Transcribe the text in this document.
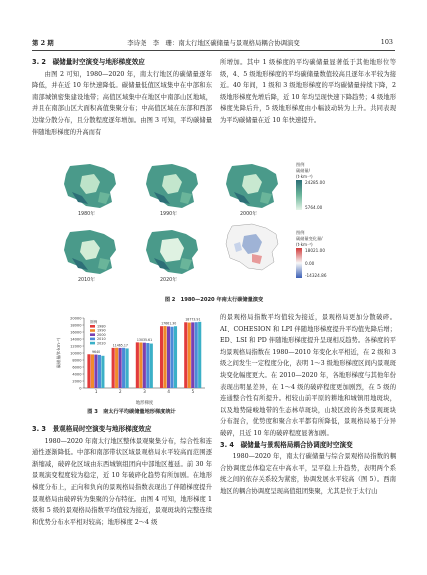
第 2 期	李诗尧　李　珊：南太行地区碳储量与景观格局耦合协调演变	103
3. 2　碳储量时空演变与地形梯度效应

由图 2 可知，1980—2020 年，南太行地区的碳储量逐年降低，并在近 10 年快速降低。碳储量低值区域集中在中部和东南部城镇密集建设地带；高值区域集中在地区中南部山区地域，并且在南部山区大面积高值集聚分布；中高值区域在东部和西部边缘分散分布，且分散程度逐年增加。由图 3 可知，平均碳储量伴随地形梯度的升高而有

所增加。其中 1 级梯度的平均碳储量显著低于其他地形位等级，4、5 级地形梯度的平均碳储量数值较高且逐年水平较为接近。40 年间，1 级和 3 级地形梯度的平均碳储量持续下降，2 级地形梯度先增后降，近 10 年均呈现快速下降趋势；4 级地形梯度先降后升，5 级地形梯度由小幅波动转为上升。共同表现为平均碳储量在近 10 年快速提升。

1980年	1990年	2000年
图例
碳储量/
(t·km⁻²)
24285.00
5764.00
2010年	2020年
图例
碳储量变化量/
(t·km⁻²)
18021.00
0.00
-14324.86
图 2　1980—2020 年南太行碳储量演变
0
2000
4000
6000
8000
10000
12000
14000
16000
18000
20000
碳储量/(t·km⁻²)
1
9640
2
11465.17
3
13035.61
4
17661.30
5
18773.91
地形梯度
图例
1980
1990
2000
2010
2020
图 3　南太行平均碳储量地形梯度统计
3. 3　景观格局时空演变与地形梯度效应

1980—2020 年南太行地区整体景观聚集分布，综合性和连通性逐渐降低。中部和南部带状区域景观格局水平较高而范围逐渐缩减，破碎化区域由东西城镇组团向中部地区蔓延。前 30 年景观演变程度较为稳定，近 10 年破碎化趋势有所加剧。在地形梯度分布上，正向和负向的景观格局指数表现出了伴随梯度提升景观格局由破碎转为集聚的分布特征。由图 4 可知，地形梯度 1 级和 5 级的景观格局指数平均值较为接近，景观斑块的完整连续和优势分布水平相对较高；地形梯度 2～4 级

的景观格局指数平均值较为接近，景观格局更加分散破碎。AI、COHESION 和 LPI 伴随地形梯度提升平均值先降后增；ED、LSI 和 PD 伴随地形梯度提升呈现相反趋势。各梯度的平均景观格局指数在 1980—2010 年变化水平相近，在 2 级和 3 级之间发生一定程度分化，表明 1～3 级地形梯度区间内景观斑块变化幅度更大。在 2010—2020 年，各地形梯度与其他年份表现出明显差异，在 1～4 级的破碎程度更加剧烈，在 5 级的连通整合性有所提升。相较山前平原的耕地和城镇用地斑块，以及地势陡峻地带的生态林草斑块，山坡区段的各类景观斑块分布混合，优势度和聚合水平都有所降低，景观格局易于分异破碎，且近 10 年的破碎程度显著加剧。

3. 4　碳储量与景观格局耦合协调度时空演变

1980—2020 年，南太行碳储量与综合景观格局指数的耦合协调度总体稳定在中高水平，呈平稳上升趋势，表明两个系统之间的依存关系较为紧密，协调发展水平较高（图 5）。西南地区的耦合协调度呈现高值组团集聚，尤其是位于太行山
